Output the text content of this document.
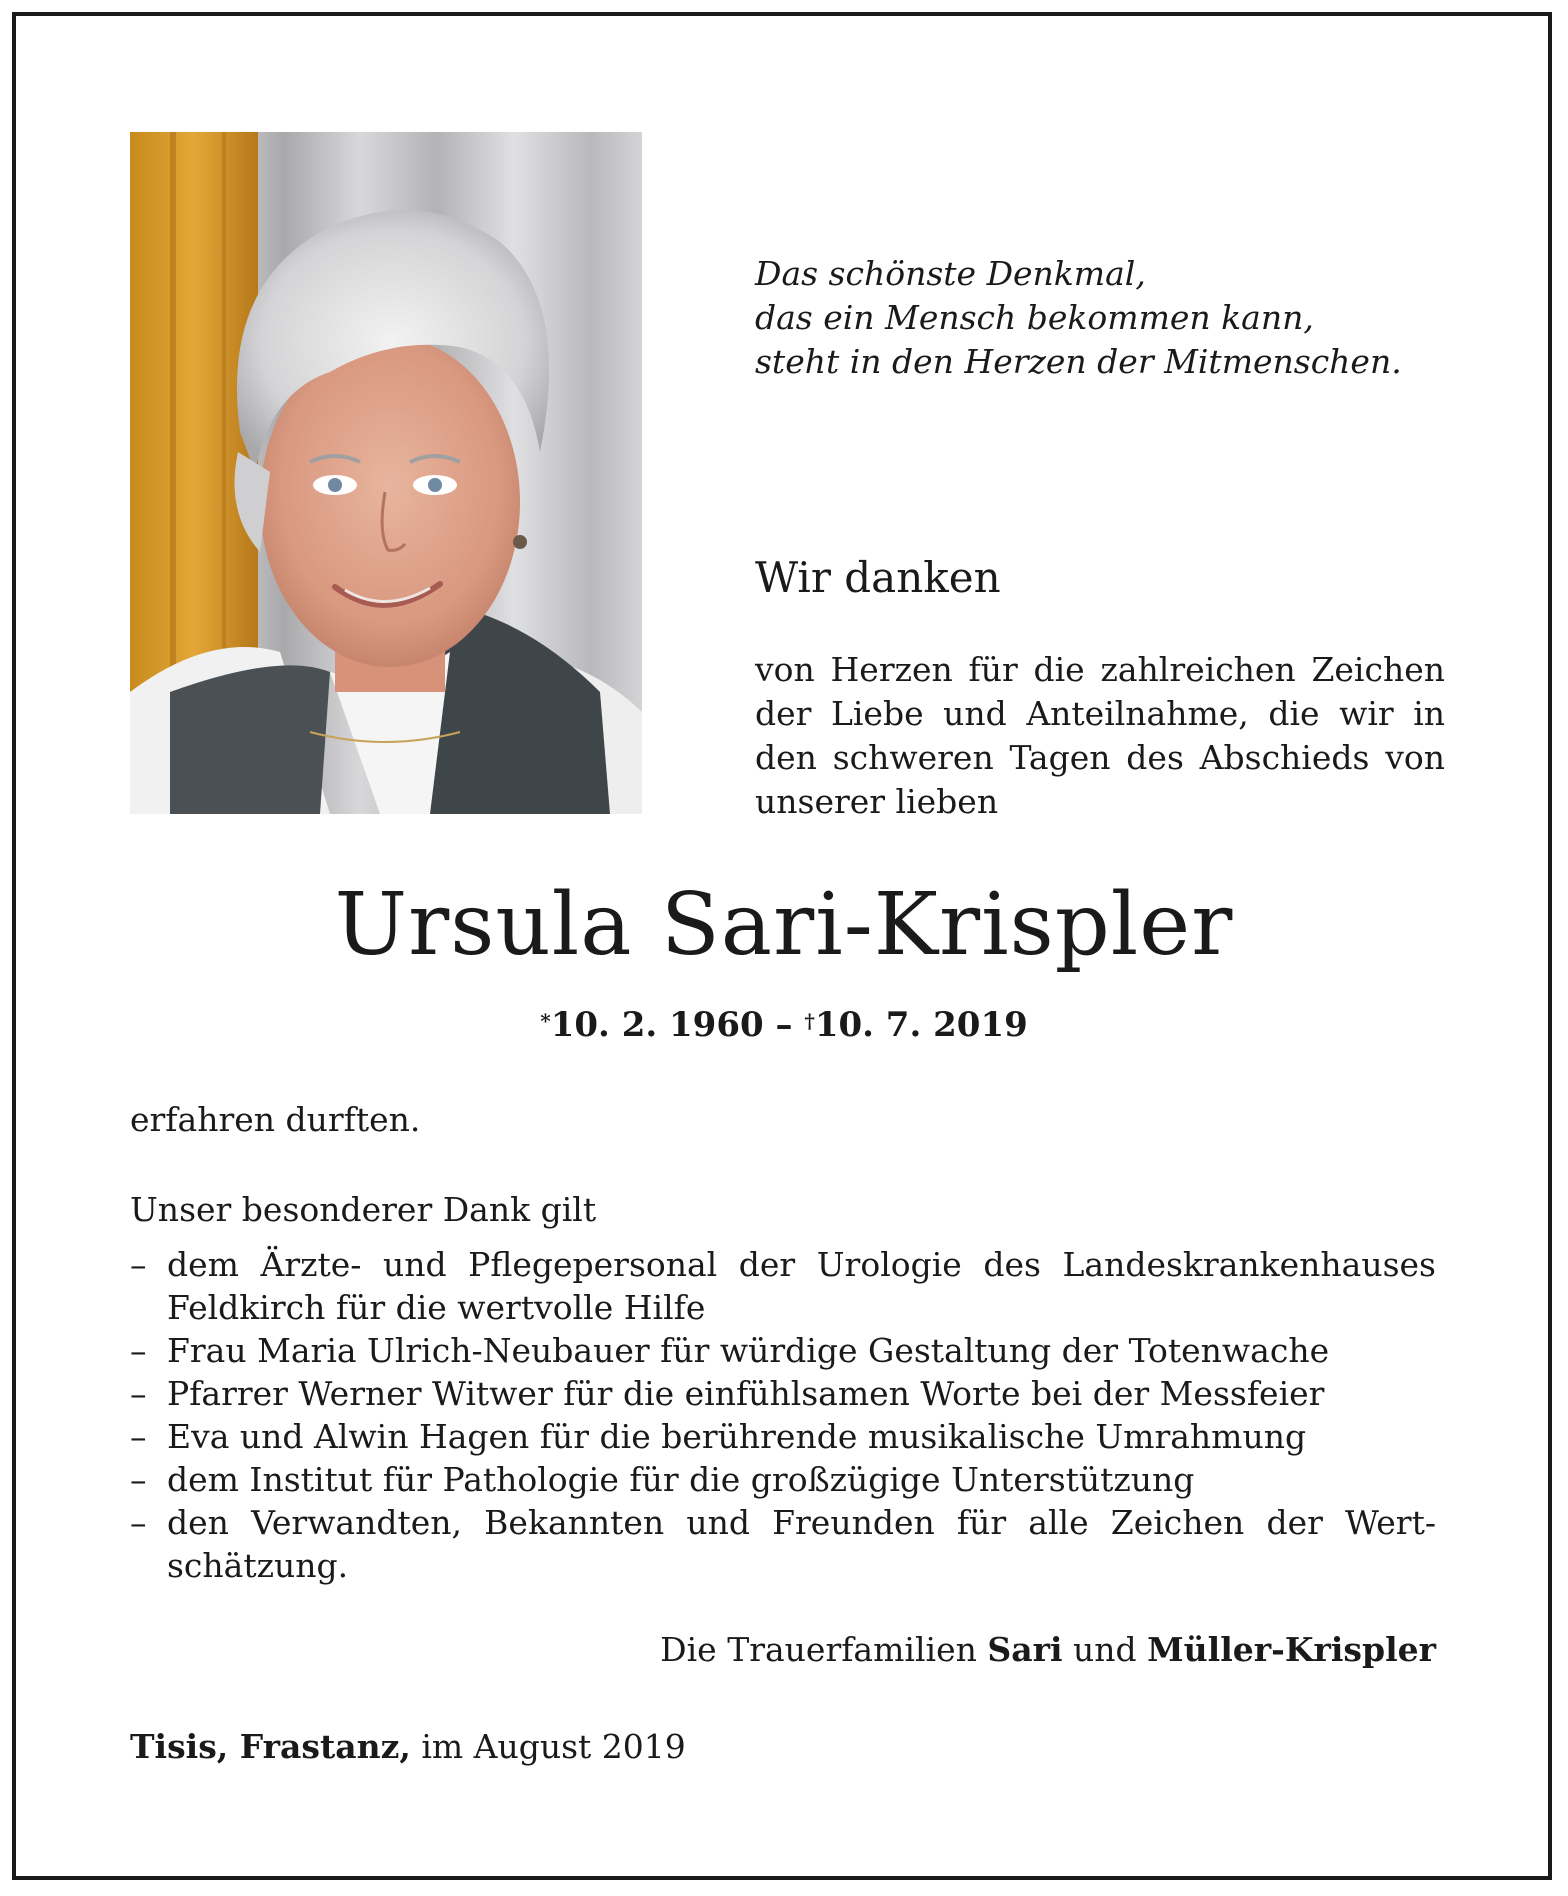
Das schönste Denkmal,
das ein Mensch bekommen kann,
steht in den Herzen der Mitmenschen.
Wir danken
von Herzen für die zahlreichen Zeichen
der Liebe und Anteilnahme, die wir in
den schweren Tagen des Abschieds von
unserer lieben
Ursula Sari-Krispler
*10. 2. 1960 – †10. 7. 2019
erfahren durften.
Unser besonderer Dank gilt
– dem Ärzte- und Pflegepersonal der Urologie des Landeskrankenhauses
Feldkirch für die wertvolle Hilfe
– Frau Maria Ulrich-Neubauer für würdige Gestaltung der Totenwache
– Pfarrer Werner Witwer für die einfühlsamen Worte bei der Messfeier
– Eva und Alwin Hagen für die berührende musikalische Umrahmung
– dem Institut für Pathologie für die großzügige Unterstützung
– den Verwandten, Bekannten und Freunden für alle Zeichen der Wert-
schätzung.
Die Trauerfamilien Sari und Müller-Krispler
Tisis, Frastanz, im August 2019
